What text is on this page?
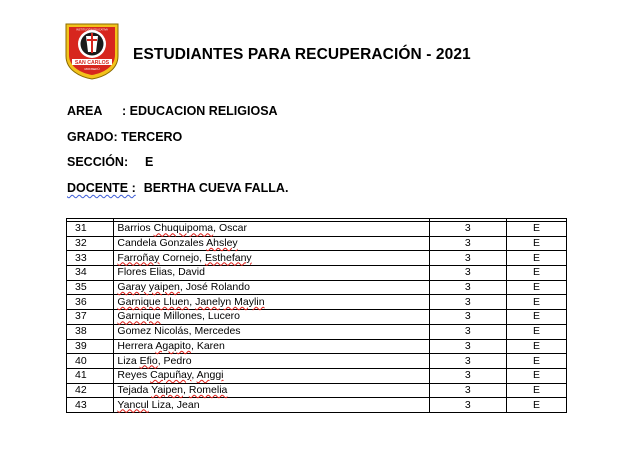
SAN CARLOS
MONSEFÚ
INSTITUCIÓN EDUCATIVA
ESTUDIANTES PARA RECUPERACIÓN - 2021
AREA : EDUCACION RELIGIOSA
GRADO: TERCERO
SECCIÓN: E
DOCENTE : BERTHA CUEVA FALLA.

31	Barrios Chuquipoma, Oscar	3	E
32	Candela Gonzales Ahsley	3	E
33	Farroñay Cornejo, Esthefany	3	E
34	Flores Elias, David	3	E
35	Garay yaipen, José Rolando	3	E
36	Garnique Lluen, Janelyn Maylin	3	E
37	Garnique Millones, Lucero	3	E
38	Gomez Nicolás, Mercedes	3	E
39	Herrera Agapito, Karen	3	E
40	Liza Efio, Pedro	3	E
41	Reyes Capuñay, Anggi	3	E
42	Tejada Yaipen, Romelia	3	E
43	Yancul Liza, Jean	3	E
